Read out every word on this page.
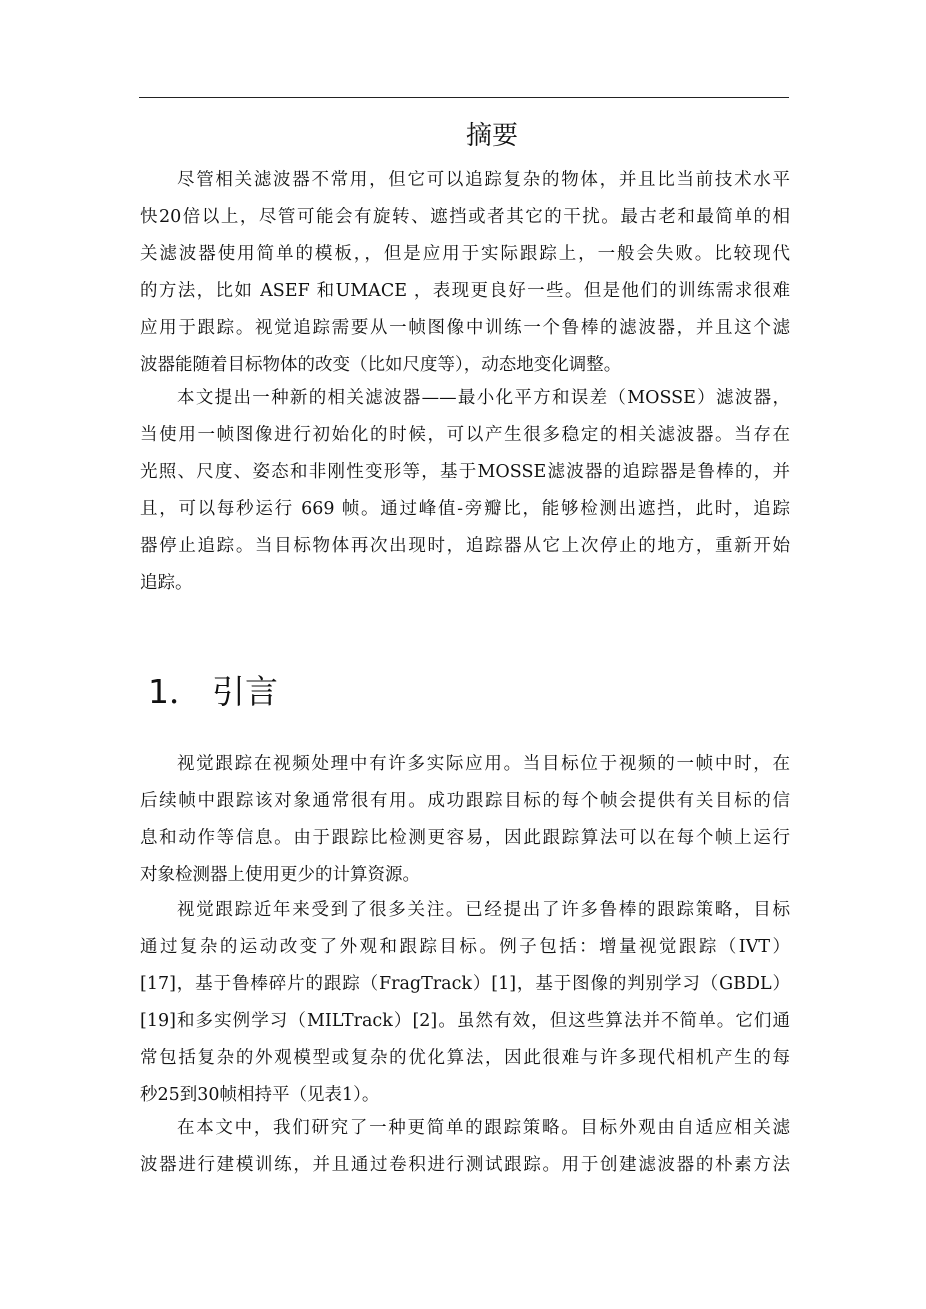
摘要
尽管相关滤波器不常用，但它可以追踪复杂的物体，并且比当前技术水平
快20倍以上，尽管可能会有旋转、遮挡或者其它的干扰。最古老和最简单的相
关滤波器使用简单的模板，，但是应用于实际跟踪上，一般会失败。比较现代
的方法，比如 ASEF 和UMACE ，表现更良好一些。但是他们的训练需求很难
应用于跟踪。视觉追踪需要从一帧图像中训练一个鲁棒的滤波器，并且这个滤
波器能随着目标物体的改变（比如尺度等），动态地变化调整。
本文提出一种新的相关滤波器——最小化平方和误差（MOSSE）滤波器，
当使用一帧图像进行初始化的时候，可以产生很多稳定的相关滤波器。当存在
光照、尺度、姿态和非刚性变形等，基于MOSSE滤波器的追踪器是鲁棒的，并
且，可以每秒运行 669 帧。通过峰值-旁瓣比，能够检测出遮挡，此时，追踪
器停止追踪。当目标物体再次出现时，追踪器从它上次停止的地方，重新开始
追踪。
1． 引言
视觉跟踪在视频处理中有许多实际应用。当目标位于视频的一帧中时，在
后续帧中跟踪该对象通常很有用。成功跟踪目标的每个帧会提供有关目标的信
息和动作等信息。由于跟踪比检测更容易，因此跟踪算法可以在每个帧上运行
对象检测器上使用更少的计算资源。
视觉跟踪近年来受到了很多关注。已经提出了许多鲁棒的跟踪策略，目标
通过复杂的运动改变了外观和跟踪目标。例子包括：增量视觉跟踪（IVT）
[17]，基于鲁棒碎片的跟踪（FragTrack）[1]，基于图像的判别学习（GBDL）
[19]和多实例学习（MILTrack）[2]。虽然有效，但这些算法并不简单。它们通
常包括复杂的外观模型或复杂的优化算法，因此很难与许多现代相机产生的每
秒25到30帧相持平（见表1）。
在本文中，我们研究了一种更简单的跟踪策略。目标外观由自适应相关滤
波器进行建模训练，并且通过卷积进行测试跟踪。用于创建滤波器的朴素方法
